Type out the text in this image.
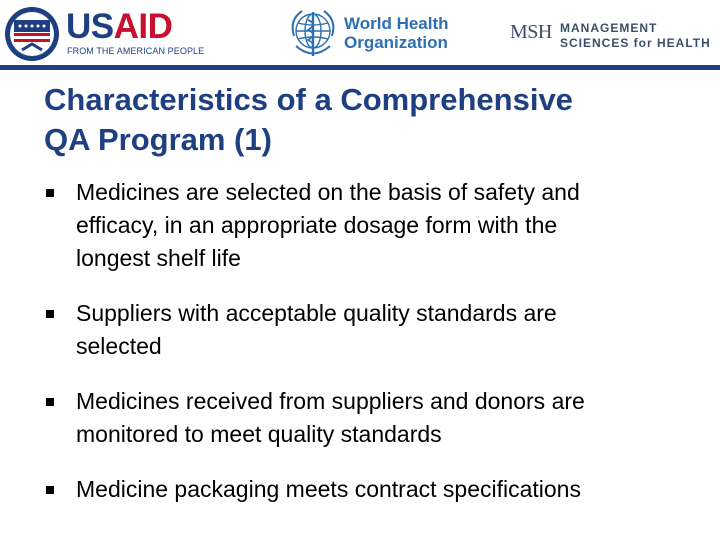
USAID
FROM THE AMERICAN PEOPLE
World Health
Organization	MSH MANAGEMENT
SCIENCES for HEALTH
Characteristics of a Comprehensive
QA Program (1)
Medicines are selected on the basis of safety and
efficacy, in an appropriate dosage form with the
longest shelf life
Suppliers with acceptable quality standards are
selected
Medicines received from suppliers and donors are
monitored to meet quality standards
Medicine packaging meets contract specifications
